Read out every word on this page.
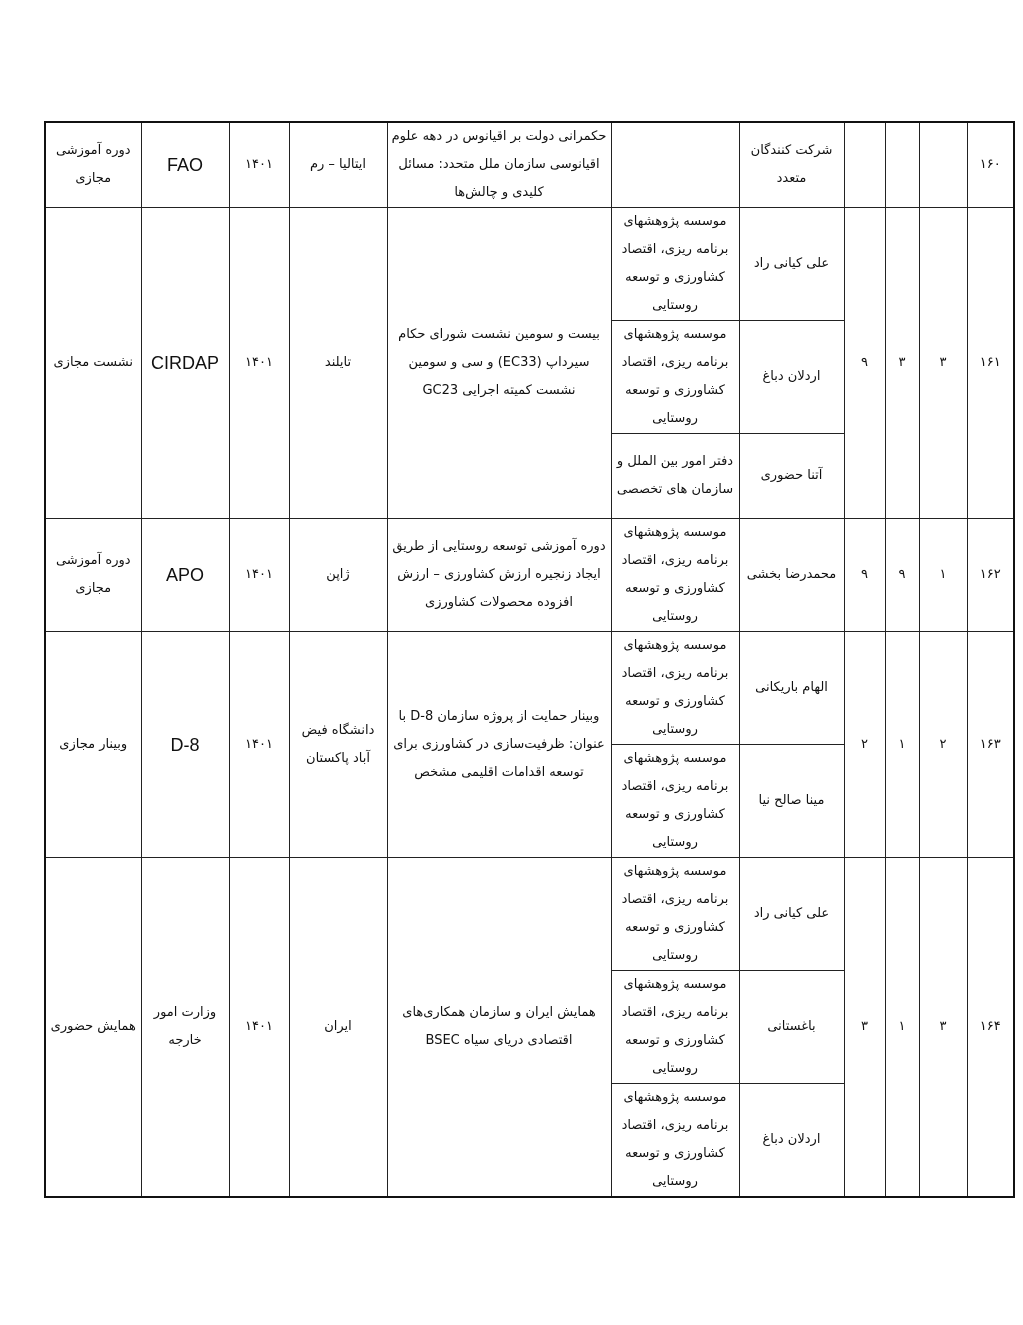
۱۶۰				شرکت کنندگان متعدد		حکمرانی دولت بر اقیانوس در دهه علوم اقیانوسی سازمان ملل متحدد: مسائل کلیدی و چالش‌ها	ایتالیا – رم	۱۴۰۱	FAO	دوره آموزشی مجازی
۱۶۱	۳	۳	۹	علی کیانی راد	موسسه پژوهشهای برنامه ریزی، اقتصاد کشاورزی و توسعه روستایی	بیست و سومین نشست شورای حکام سیرداپ (EC33) و سی و سومین نشست کمیته اجرایی GC23	تایلند	۱۴۰۱	CIRDAP	نشست مجازی
				اردلان دباغ	موسسه پژوهشهای برنامه ریزی، اقتصاد کشاورزی و توسعه روستایی					
				آتنا حضوری	دفتر امور بین الملل و سازمان های تخصصی					
۱۶۲	۱	۹	۹	محمدرضا بخشی	موسسه پژوهشهای برنامه ریزی، اقتصاد کشاورزی و توسعه روستایی	دوره آموزشی توسعه روستایی از طریق ایجاد زنجیره ارزش کشاورزی – ارزش افزوده محصولات کشاورزی	ژاپن	۱۴۰۱	APO	دوره آموزشی مجازی
۱۶۳	۲	۱	۲	الهام باریکانی	موسسه پژوهشهای برنامه ریزی، اقتصاد کشاورزی و توسعه روستایی	وبینار حمایت از پروژه سازمان D-8 با عنوان: ظرفیت‌سازی در کشاورزی برای توسعه اقدامات اقلیمی مشخص	دانشگاه فیض آباد پاکستان	۱۴۰۱	D-8	وبینار مجازی
				مینا صالح نیا	موسسه پژوهشهای برنامه ریزی، اقتصاد کشاورزی و توسعه روستایی					
۱۶۴	۳	۱	۳	علی کیانی راد	موسسه پژوهشهای برنامه ریزی، اقتصاد کشاورزی و توسعه روستایی	همایش ایران و سازمان همکاری‌های اقتصادی دریای سیاه BSEC	ایران	۱۴۰۱	وزارت امور خارجه	همایش حضوری
				باغستانی	موسسه پژوهشهای برنامه ریزی، اقتصاد کشاورزی و توسعه روستایی					
				اردلان دباغ	موسسه پژوهشهای برنامه ریزی، اقتصاد کشاورزی و توسعه روستایی					
